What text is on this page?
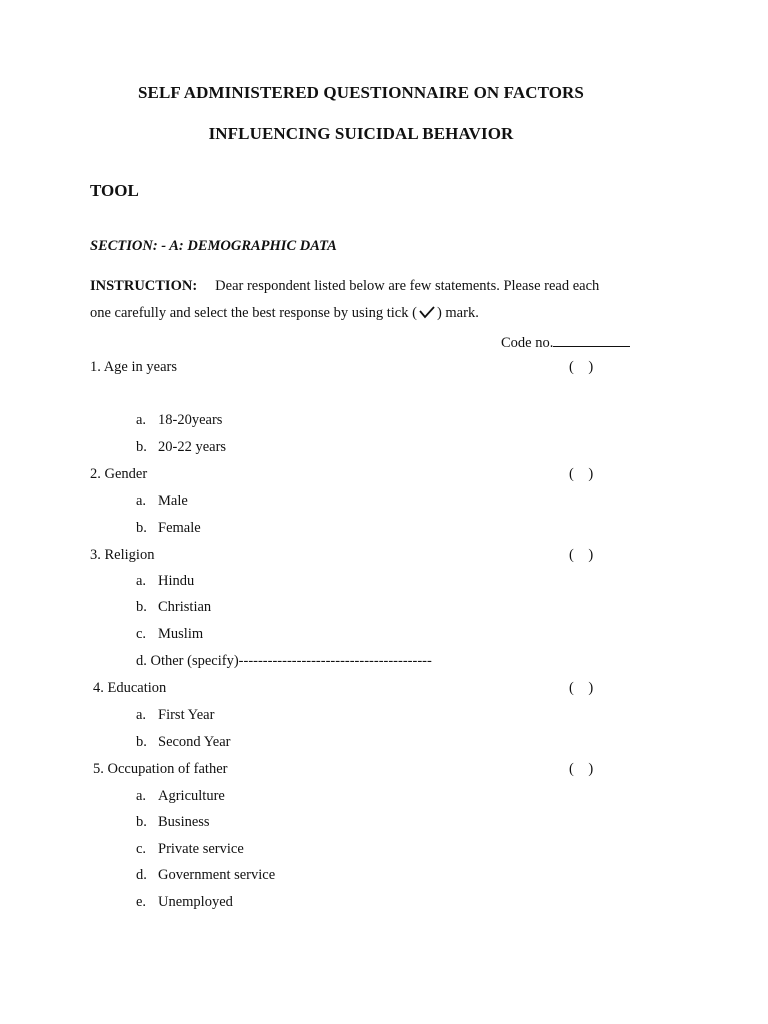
SELF ADMINISTERED QUESTIONNAIRE ON FACTORS
INFLUENCING SUICIDAL BEHAVIOR
TOOL
SECTION: - A: DEMOGRAPHIC DATA
INSTRUCTION: Dear respondent listed below are few statements. Please read each
one carefully and select the best response by using tick ( ) mark.
Code no.
1. Age in years	(    )
a. 18-20years
b. 20-22 years
2. Gender	(    )
a. Male
b. Female
3. Religion	(    )
a. Hindu
b. Christian
c. Muslim
d. Other (specify)----------------------------------------
4. Education	(    )
a. First Year
b. Second Year
5. Occupation of father	(    )
a. Agriculture
b. Business
c. Private service
d. Government service
e. Unemployed
